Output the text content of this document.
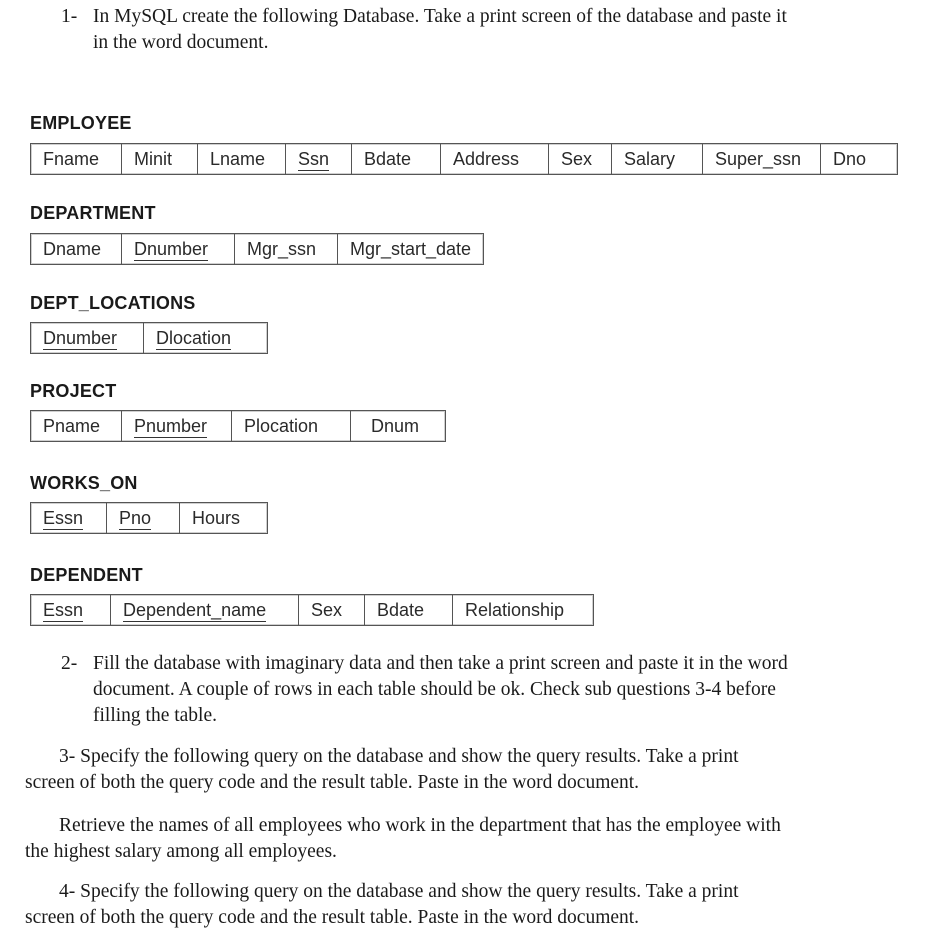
1- In MySQL create the following Database. Take a print screen of the database and paste it
in the word document.
EMPLOYEE
Fname	Minit	Lname	Ssn	Bdate	Address	Sex	Salary	Super_ssn	Dno
DEPARTMENT
Dname	Dnumber	Mgr_ssn	Mgr_start_date
DEPT_LOCATIONS
Dnumber	Dlocation
PROJECT
Pname	Pnumber	Plocation	Dnum
WORKS_ON
Essn	Pno	Hours
DEPENDENT
Essn	Dependent_name	Sex	Bdate	Relationship
2- Fill the database with imaginary data and then take a print screen and paste it in the word
document. A couple of rows in each table should be ok. Check sub questions 3-4 before
filling the table.
3- Specify the following query on the database and show the query results. Take a print
screen of both the query code and the result table. Paste in the word document.
Retrieve the names of all employees who work in the department that has the employee with
the highest salary among all employees.
4- Specify the following query on the database and show the query results. Take a print
screen of both the query code and the result table. Paste in the word document.
